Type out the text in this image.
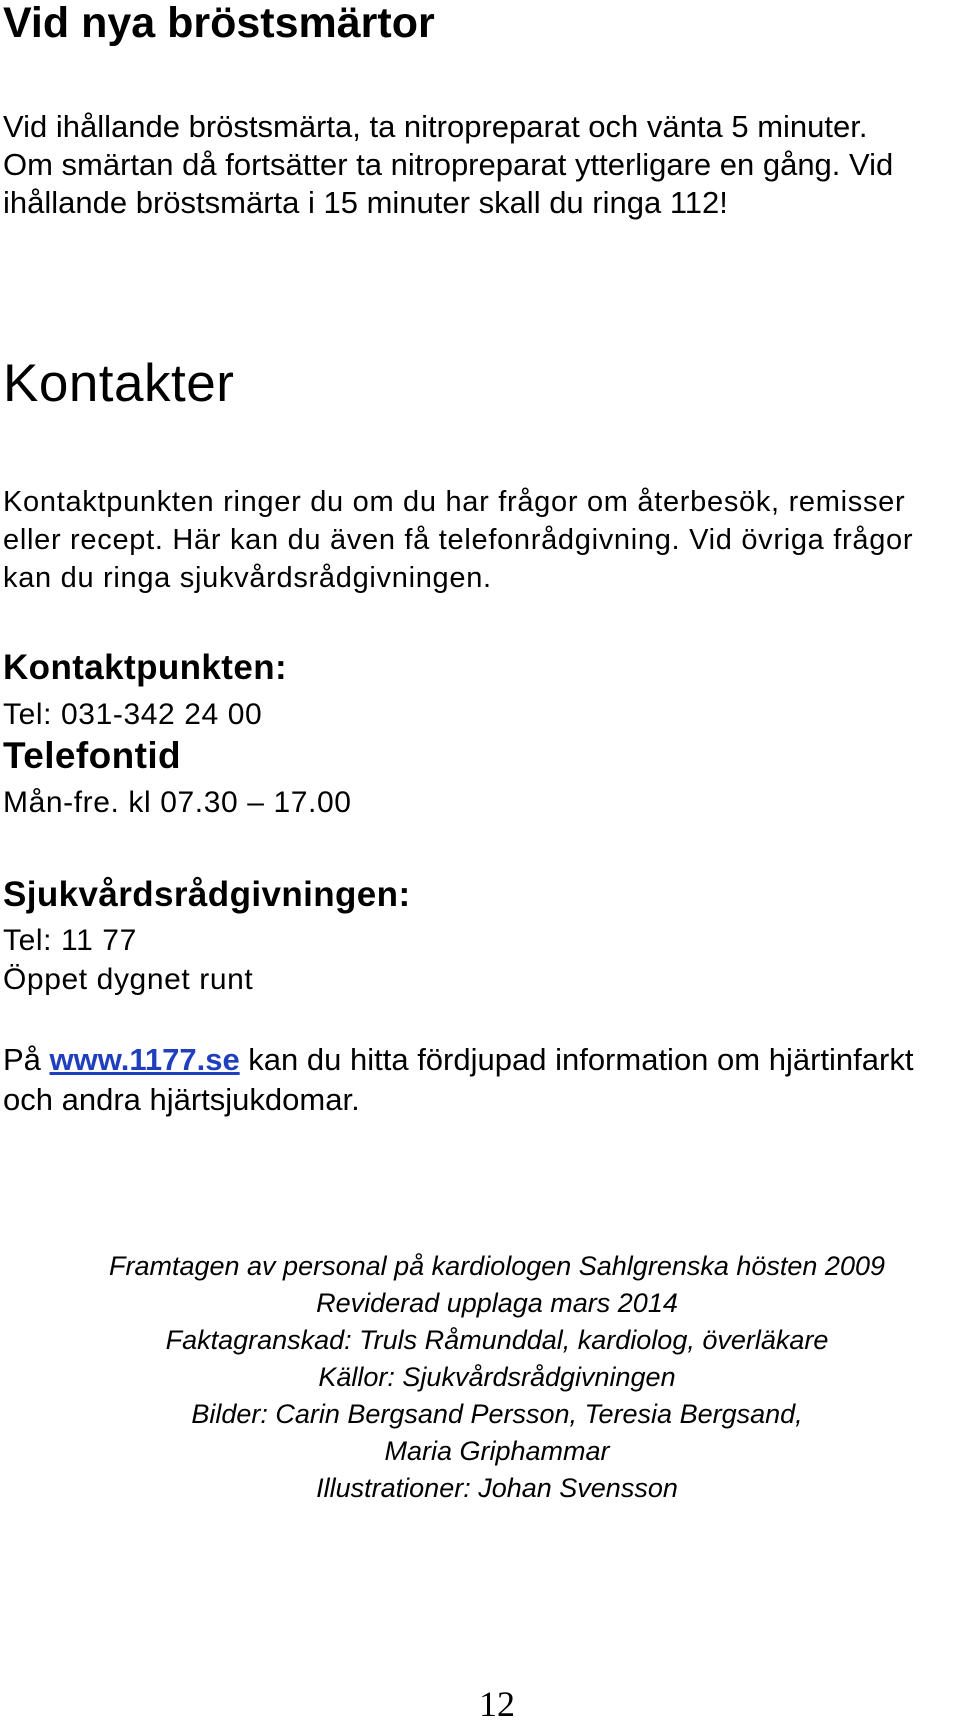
Vid nya bröstsmärtor

Vid ihållande bröstsmärta, ta nitropreparat och vänta 5 minuter. Om smärtan då fortsätter ta nitropreparat ytterligare en gång. Vid ihållande bröstsmärta i 15 minuter skall du ringa 112!

Kontakter

Kontaktpunkten ringer du om du har frågor om återbesök, remisser eller recept. Här kan du även få telefonrådgivning. Vid övriga frågor kan du ringa sjukvårdsrådgivningen.

Kontaktpunkten:
Tel: 031-342 24 00
Telefontid
Mån-fre. kl 07.30 – 17.00
Sjukvårdsrådgivningen:
Tel: 11 77
Öppet dygnet runt

På www.1177.se kan du hitta fördjupad information om hjärtinfarkt och andra hjärtsjukdomar.

Framtagen av personal på kardiologen Sahlgrenska hösten 2009

Reviderad upplaga mars 2014

Faktagranskad: Truls Råmunddal, kardiolog, överläkare

Källor: Sjukvårdsrådgivningen

Bilder: Carin Bergsand Persson, Teresia Bergsand,

Maria Griphammar

Illustrationer: Johan Svensson

12
